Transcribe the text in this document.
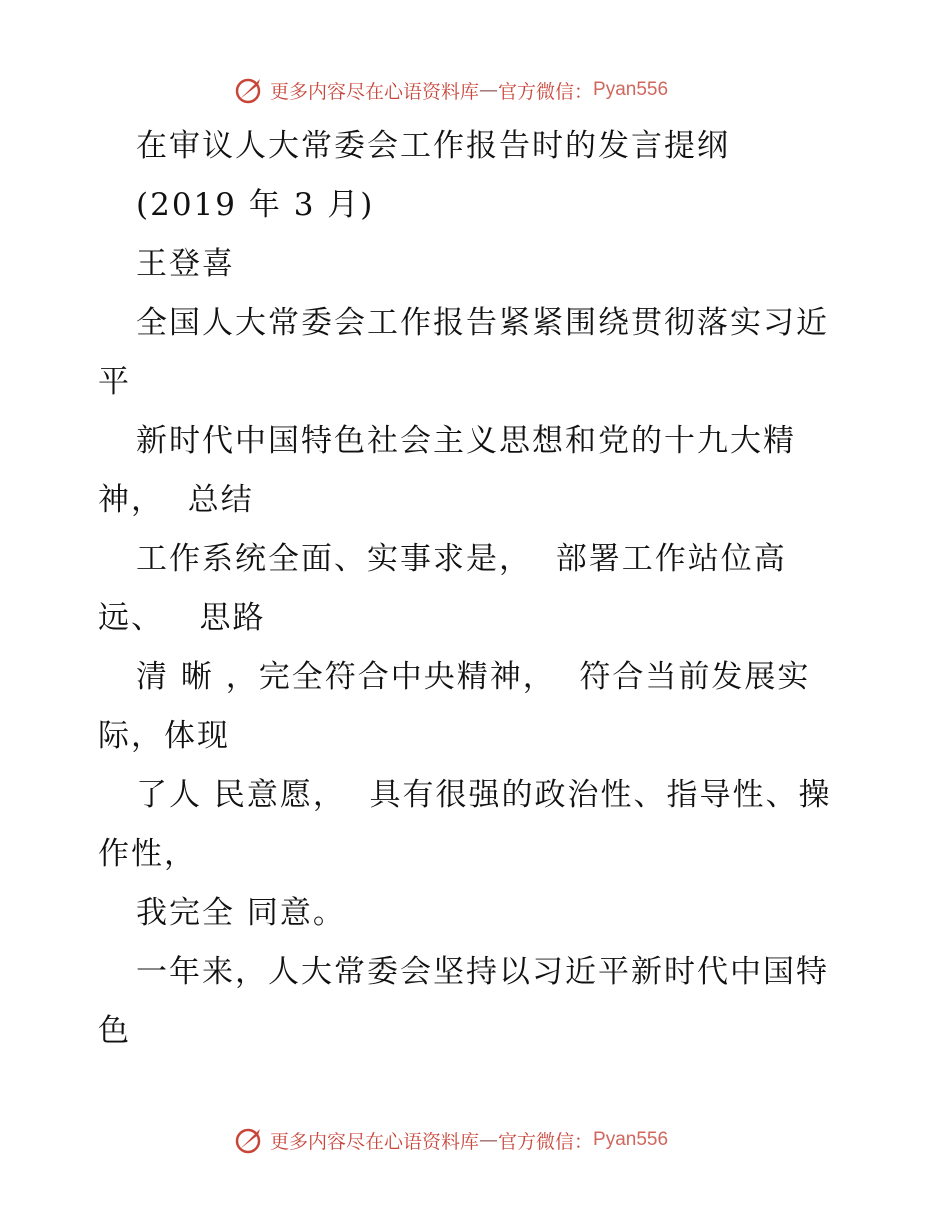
更多内容尽在心语资料库 — 官方微信： Pyan556
在审议人大常委会工作报告时的发言提纲
(2019 年 3 月)
王登喜
全国人大常委会工作报告紧紧围绕贯彻落实习近
平
新时代中国特色社会主义思想和党的十九大精
神，  总结
工作系统全面、实事求是，  部署工作站位高
远、   思路
清 晰 ，完全符合中央精神，  符合当前发展实
际，体现
了人 民意愿，  具有很强的政治性、指导性、操
作性，
我完全 同意。
一年来，人大常委会坚持以习近平新时代中国特
色
更多内容尽在心语资料库 — 官方微信： Pyan556
